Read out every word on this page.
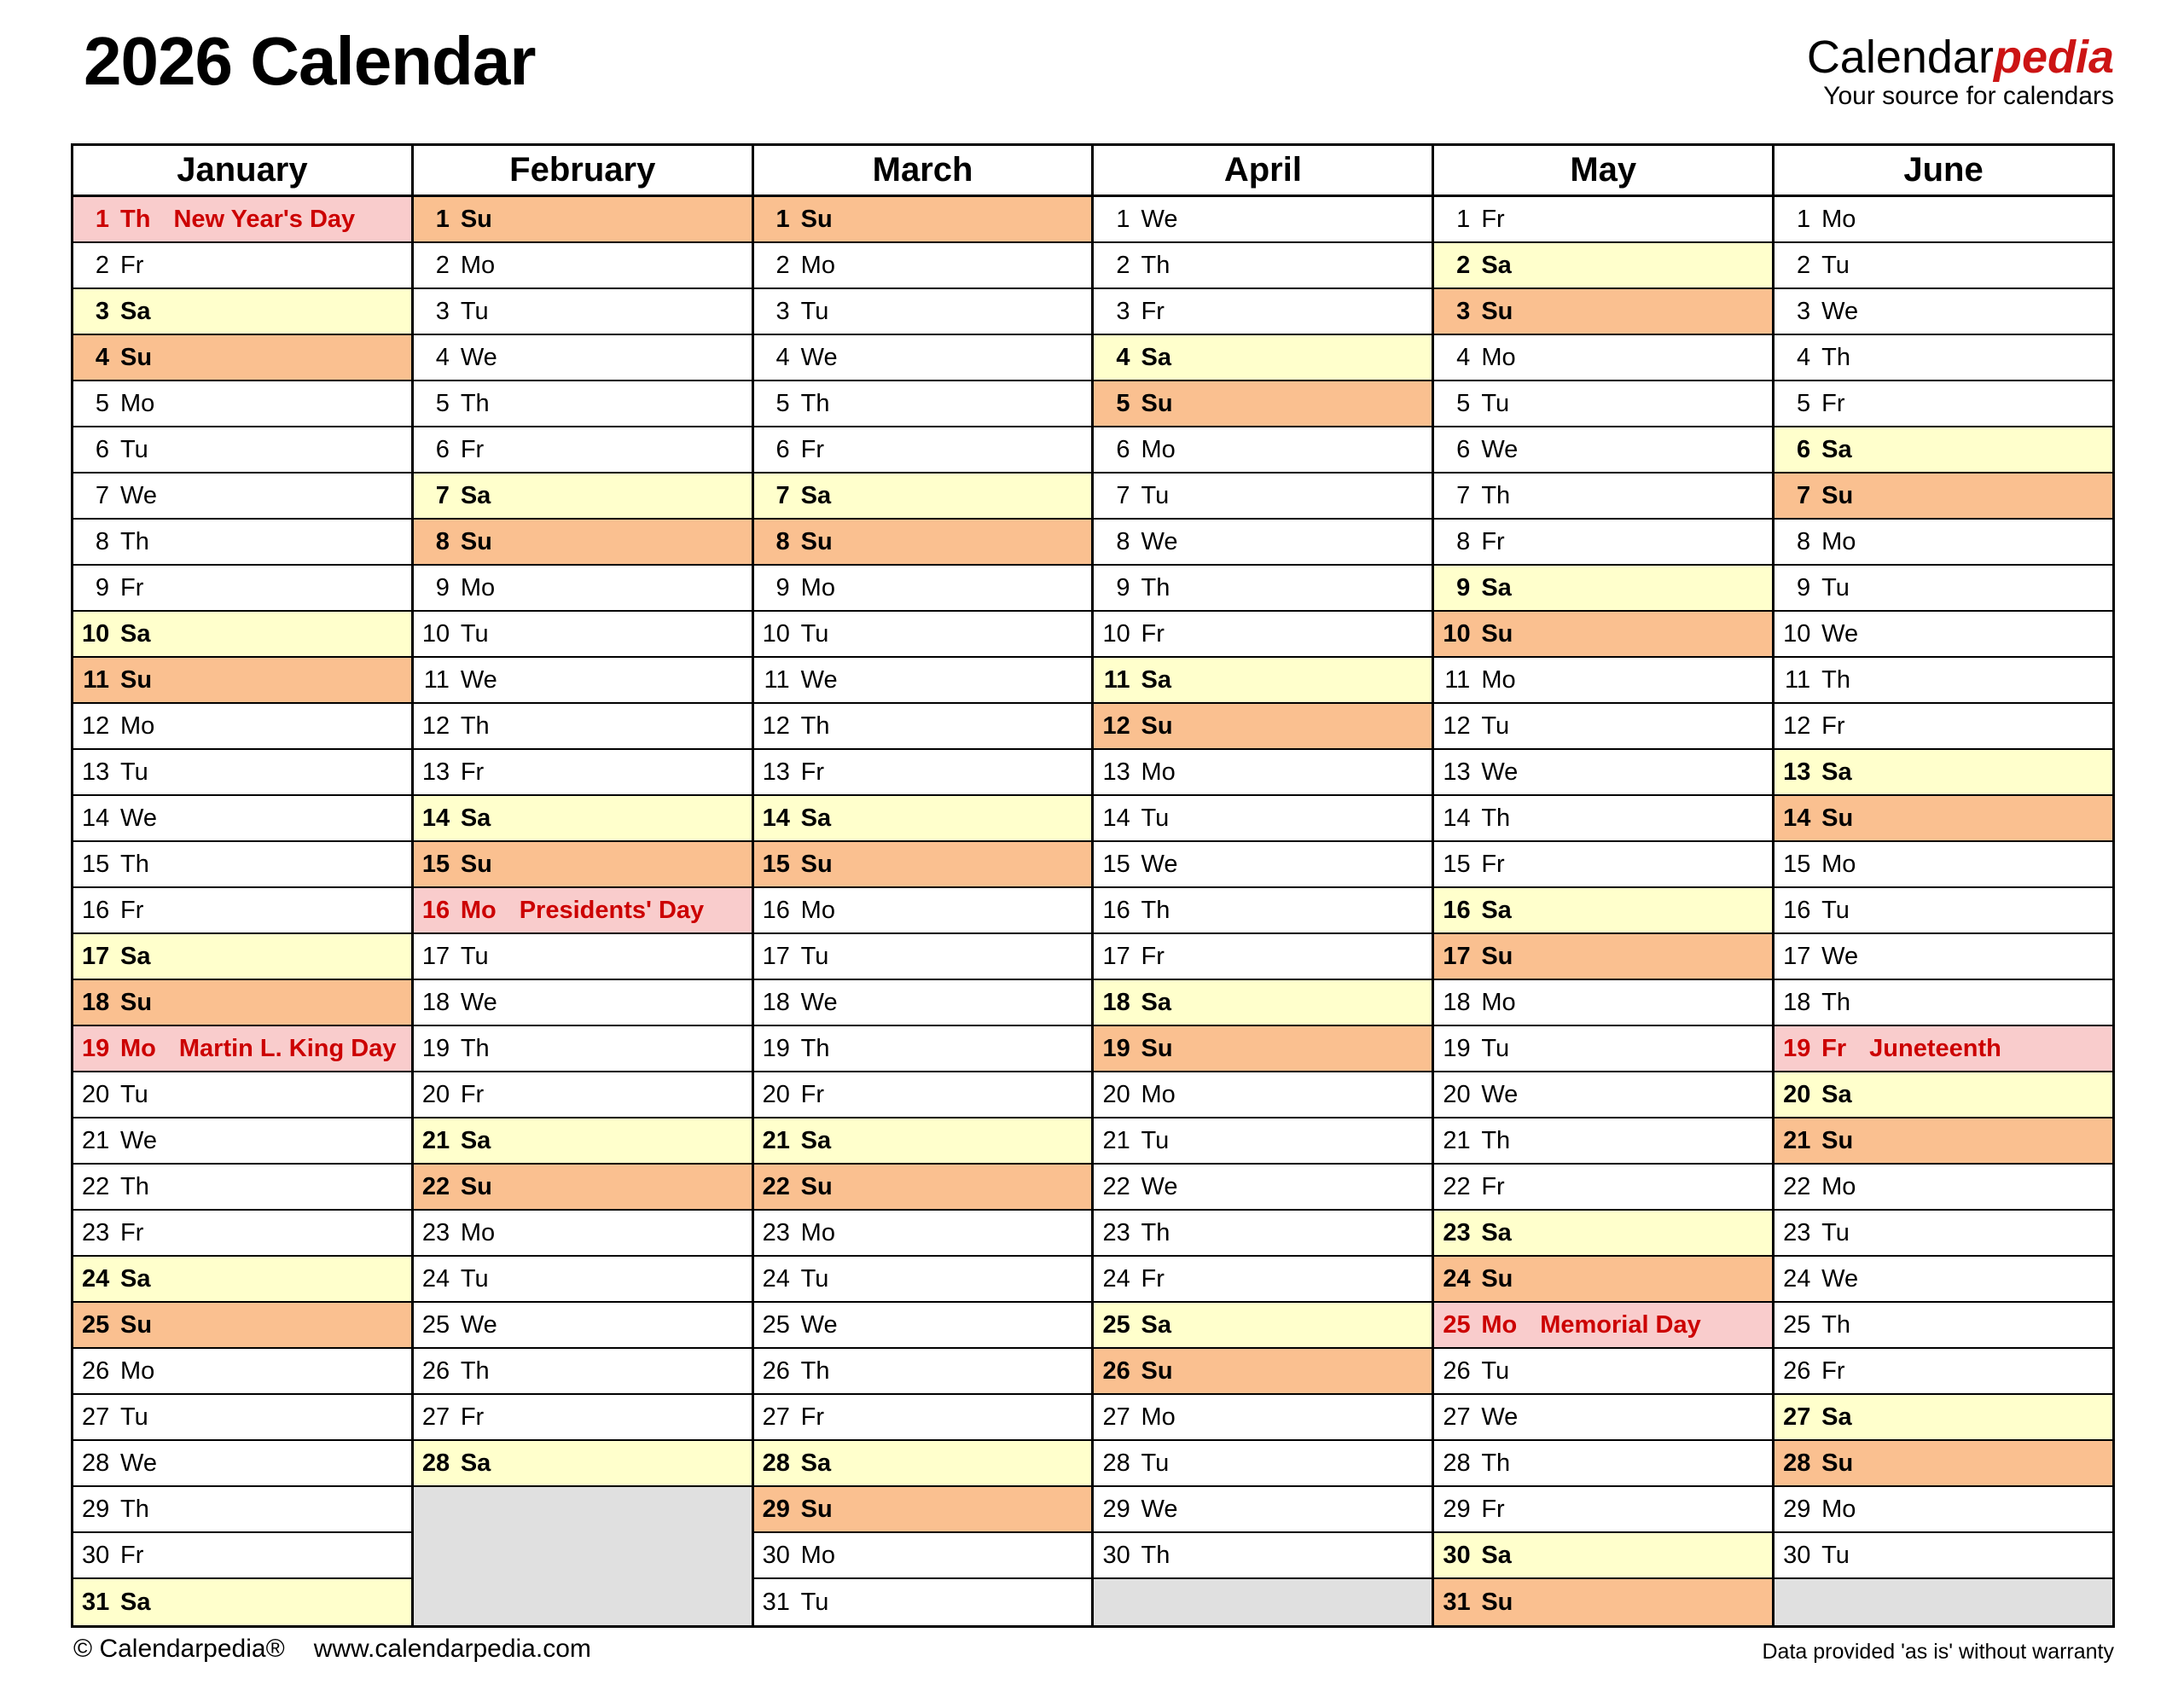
2026 Calendar	Calendarpedia
Your source for calendars
January
1 Th New Year's Day
2 Fr
3 Sa
4 Su
5 Mo
6 Tu
7 We
8 Th
9 Fr
10 Sa
11 Su
12 Mo
13 Tu
14 We
15 Th
16 Fr
17 Sa
18 Su
19 Mo Martin L. King Day
20 Tu
21 We
22 Th
23 Fr
24 Sa
25 Su
26 Mo
27 Tu
28 We
29 Th
30 Fr
31 Sa
February
1 Su
2 Mo
3 Tu
4 We
5 Th
6 Fr
7 Sa
8 Su
9 Mo
10 Tu
11 We
12 Th
13 Fr
14 Sa
15 Su
16 Mo Presidents' Day
17 Tu
18 We
19 Th
20 Fr
21 Sa
22 Su
23 Mo
24 Tu
25 We
26 Th
27 Fr
28 Sa
March
1 Su
2 Mo
3 Tu
4 We
5 Th
6 Fr
7 Sa
8 Su
9 Mo
10 Tu
11 We
12 Th
13 Fr
14 Sa
15 Su
16 Mo
17 Tu
18 We
19 Th
20 Fr
21 Sa
22 Su
23 Mo
24 Tu
25 We
26 Th
27 Fr
28 Sa
29 Su
30 Mo
31 Tu
April
1 We
2 Th
3 Fr
4 Sa
5 Su
6 Mo
7 Tu
8 We
9 Th
10 Fr
11 Sa
12 Su
13 Mo
14 Tu
15 We
16 Th
17 Fr
18 Sa
19 Su
20 Mo
21 Tu
22 We
23 Th
24 Fr
25 Sa
26 Su
27 Mo
28 Tu
29 We
30 Th
May
1 Fr
2 Sa
3 Su
4 Mo
5 Tu
6 We
7 Th
8 Fr
9 Sa
10 Su
11 Mo
12 Tu
13 We
14 Th
15 Fr
16 Sa
17 Su
18 Mo
19 Tu
20 We
21 Th
22 Fr
23 Sa
24 Su
25 Mo Memorial Day
26 Tu
27 We
28 Th
29 Fr
30 Sa
31 Su
June
1 Mo
2 Tu
3 We
4 Th
5 Fr
6 Sa
7 Su
8 Mo
9 Tu
10 We
11 Th
12 Fr
13 Sa
14 Su
15 Mo
16 Tu
17 We
18 Th
19 Fr Juneteenth
20 Sa
21 Su
22 Mo
23 Tu
24 We
25 Th
26 Fr
27 Sa
28 Su
29 Mo
30 Tu
© Calendarpedia® www.calendarpedia.com	Data provided 'as is' without warranty
